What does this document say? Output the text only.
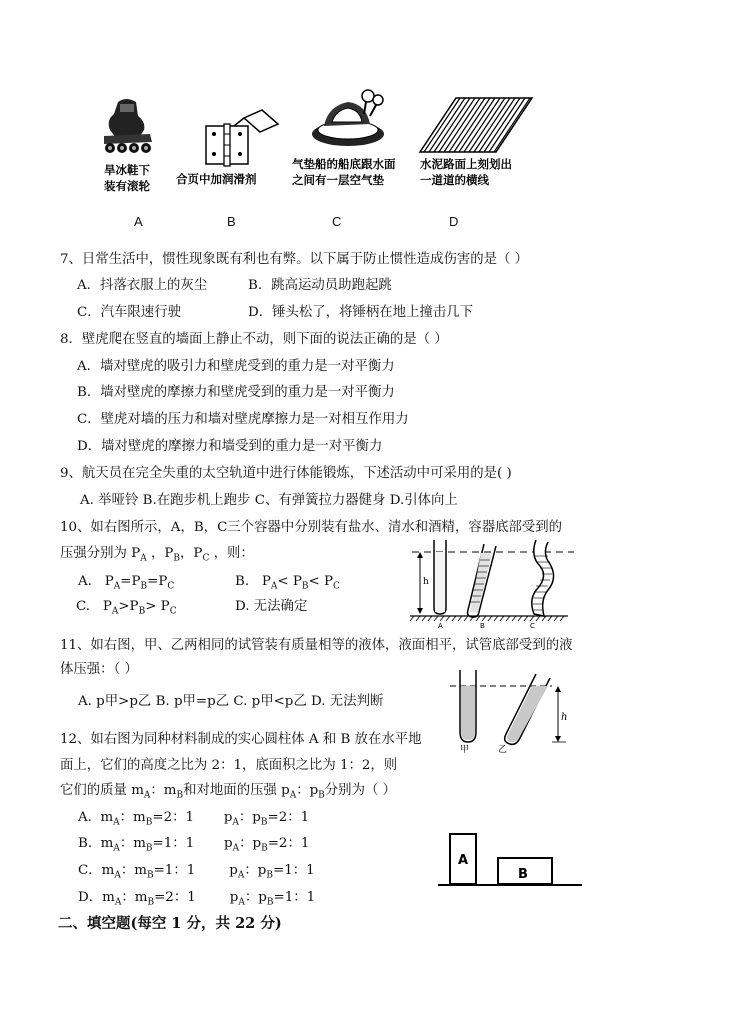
旱冰鞋下
装有滚轮 合页中加润滑剂
气垫船的船底跟水面
之间有一层空气垫
水泥路面上刻划出
一道道的横线
A	B	C	D
7、日常生活中，惯性现象既有利也有弊。以下属于防止惯性造成伤害的是（ ）
A．抖落衣服上的灰尘	B．跳高运动员助跑起跳
C．汽车限速行驶	D．锤头松了，将锤柄在地上撞击几下
8．壁虎爬在竖直的墙面上静止不动，则下面的说法正确的是（ ）
A．墙对壁虎的吸引力和壁虎受到的重力是一对平衡力
B．墙对壁虎的摩擦力和壁虎受到的重力是一对平衡力
C．壁虎对墙的压力和墙对壁虎摩擦力是一对相互作用力
D．墙对壁虎的摩擦力和墙受到的重力是一对平衡力
9、航天员在完全失重的太空轨道中进行体能锻炼，下述活动中可采用的是( )
A. 举哑铃 B.在跑步机上跑步 C、有弹簧拉力器健身 D.引体向上
10、如右图所示，A，B，C三个容器中分别装有盐水、清水和酒精，容器底部受到的
压强分别为 $P_A$ ，$P_B$，$P_C$ ，则：
A. $P_A=P_B=P_C$	B. $P_A< P_B< P_C$
C. $P_A>P_B> P_C$	D. 无法确定
h
A	B	C
11、如右图，甲、乙两相同的试管装有质量相等的液体，液面相平，试管底部受到的液
体压强：（ ）
A. p甲>p乙 B. p甲=p乙 C. p甲<p乙 D. 无法判断
h
甲	乙
12、如右图为同种材料制成的实心圆柱体 A 和 B 放在水平地
面上，它们的高度之比为 2：1，底面积之比为 1：2，则
它们的质量 $m_A$：$m_B$和对地面的压强 $p_A$：$p_B$分别为（ ）
A.  $m_A$：$m_B=2$：1       $p_A$：$p_B=2$：1
B.  $m_A$：$m_B=1$：1       $p_A$：$p_B=2$：1
C．$m_A$：$m_B=1$：1        $p_A$：$p_B=1$：1
D．$m_A$：$m_B=2$：1        $p_A$：$p_B=1$：1
A
B
二、填空题(每空 1 分，共 22 分)
